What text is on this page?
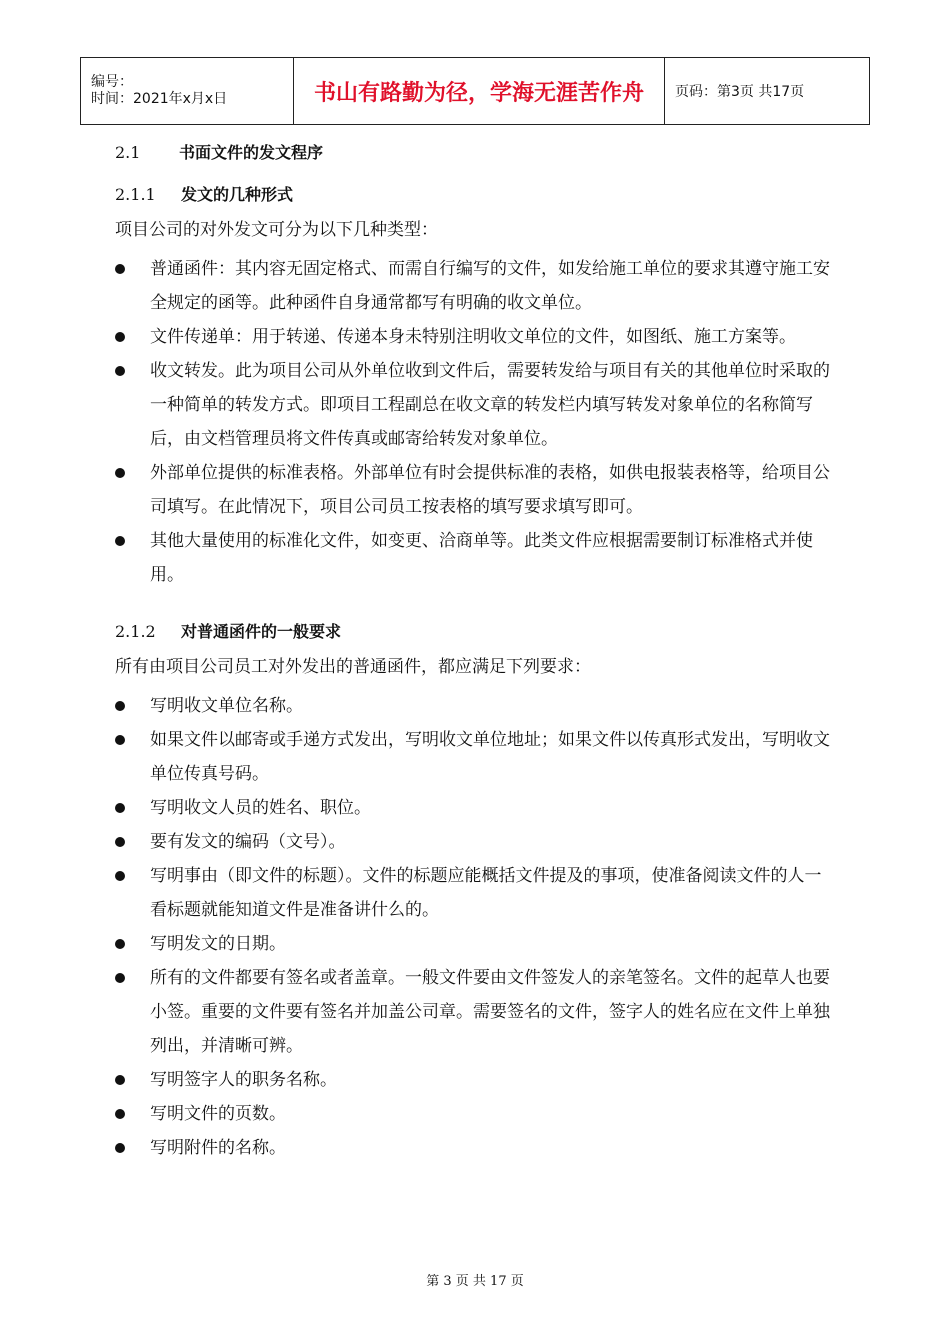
编号：
时间：2021年x月x日	书山有路勤为径，学海无涯苦作舟	页码：第3页 共17页
2.1 书面文件的发文程序
2.1.1 发文的几种形式
项目公司的对外发文可分为以下几种类型：
普通函件：其内容无固定格式、而需自行编写的文件，如发给施工单位的要求其遵守施工安全规定的函等。此种函件自身通常都写有明确的收文单位。
文件传递单：用于转递、传递本身未特别注明收文单位的文件，如图纸、施工方案等。
收文转发。此为项目公司从外单位收到文件后，需要转发给与项目有关的其他单位时采取的一种简单的转发方式。即项目工程副总在收文章的转发栏内填写转发对象单位的名称简写后，由文档管理员将文件传真或邮寄给转发对象单位。
外部单位提供的标准表格。外部单位有时会提供标准的表格，如供电报装表格等，给项目公司填写。在此情况下，项目公司员工按表格的填写要求填写即可。
其他大量使用的标准化文件，如变更、洽商单等。此类文件应根据需要制订标准格式并使用。
2.1.2 对普通函件的一般要求
所有由项目公司员工对外发出的普通函件，都应满足下列要求：
写明收文单位名称。
如果文件以邮寄或手递方式发出，写明收文单位地址；如果文件以传真形式发出，写明收文单位传真号码。
写明收文人员的姓名、职位。
要有发文的编码（文号）。
写明事由（即文件的标题）。文件的标题应能概括文件提及的事项，使准备阅读文件的人一看标题就能知道文件是准备讲什么的。
写明发文的日期。
所有的文件都要有签名或者盖章。一般文件要由文件签发人的亲笔签名。文件的起草人也要小签。重要的文件要有签名并加盖公司章。需要签名的文件，签字人的姓名应在文件上单独列出，并清晰可辨。
写明签字人的职务名称。
写明文件的页数。
写明附件的名称。
第 3 页 共 17 页
